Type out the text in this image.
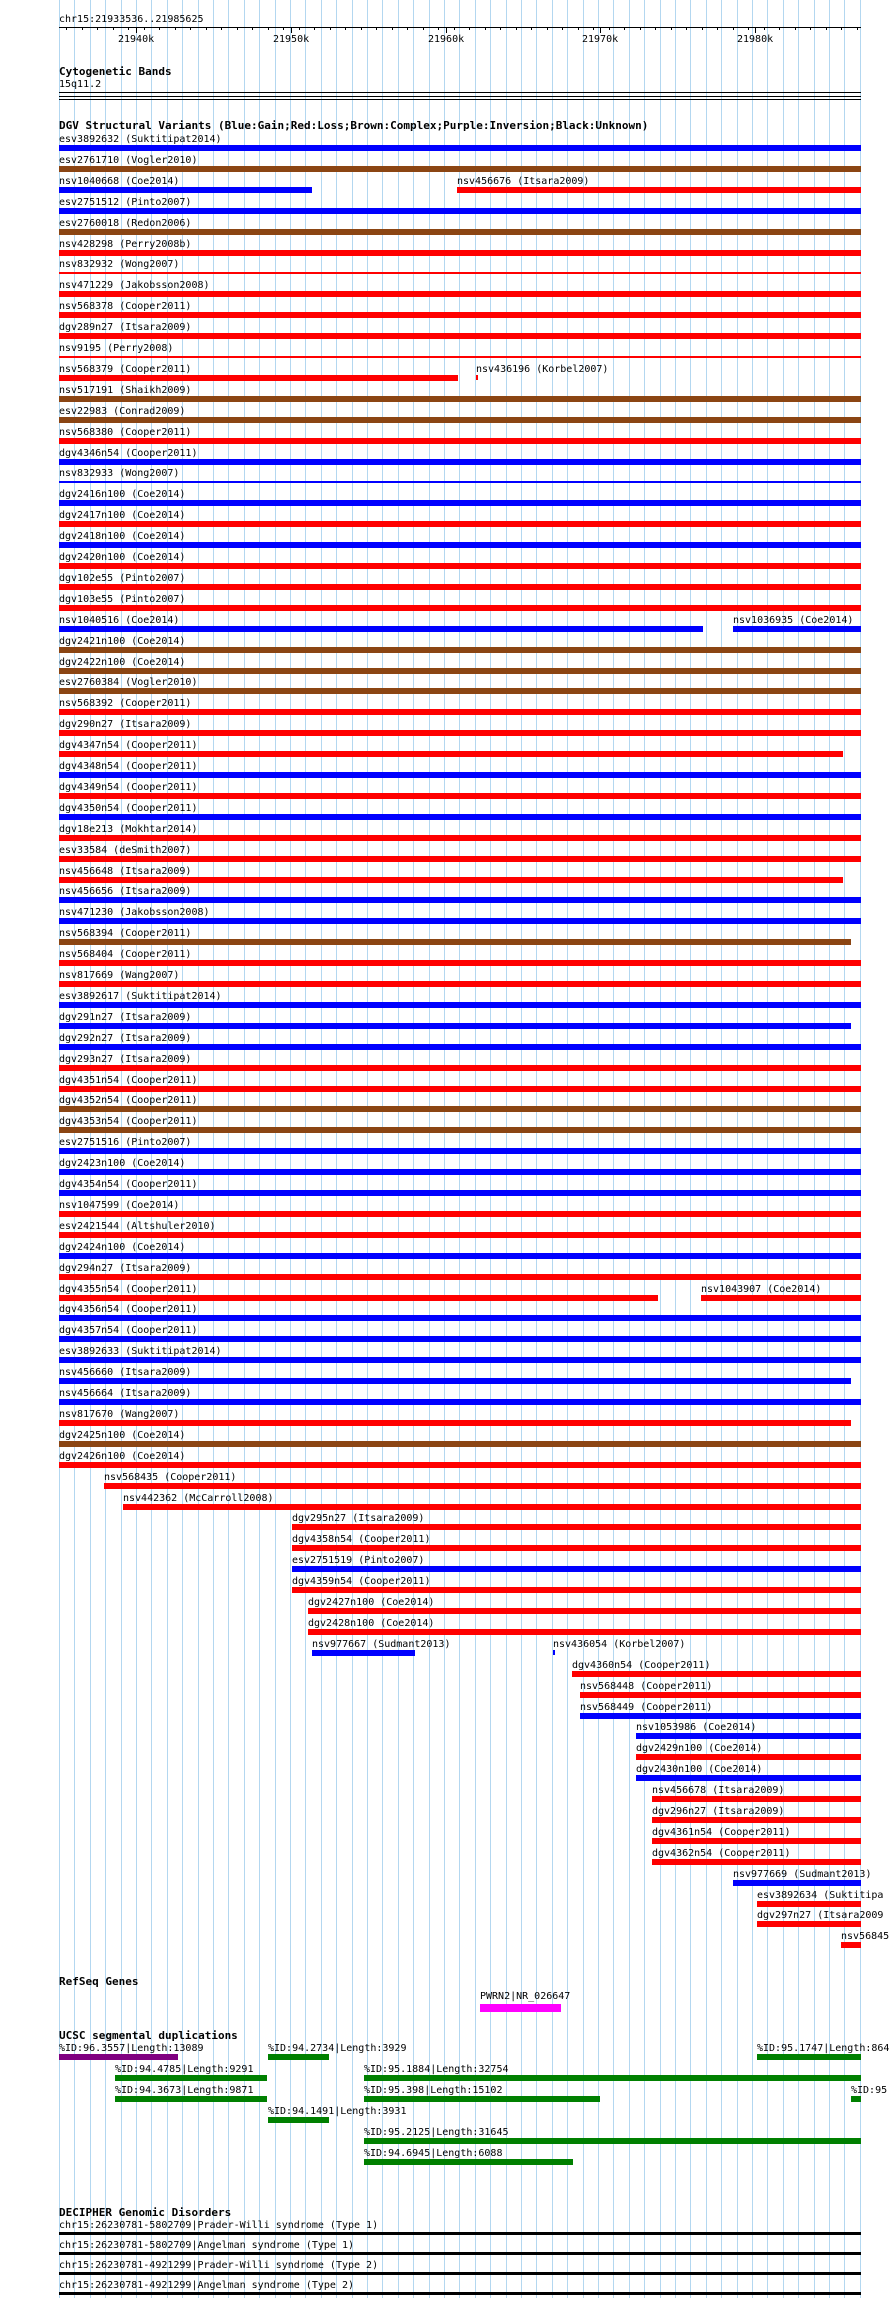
chr15:21933536..21985625
21940k	21950k	21960k	21970k	21980k
Cytogenetic Bands
15q11.2
DGV Structural Variants (Blue:Gain;Red:Loss;Brown:Complex;Purple:Inversion;Black:Unknown)
esv3892632 (Suktitipat2014)
esv2761710 (Vogler2010)
nsv1040668 (Coe2014)	nsv456676 (Itsara2009)
esv2751512 (Pinto2007)
esv2760018 (Redon2006)
nsv428298 (Perry2008b)
nsv832932 (Wong2007)
nsv471229 (Jakobsson2008)
nsv568378 (Cooper2011)
dgv289n27 (Itsara2009)
nsv9195 (Perry2008)
nsv568379 (Cooper2011)	nsv436196 (Korbel2007)
nsv517191 (Shaikh2009)
esv22983 (Conrad2009)
nsv568380 (Cooper2011)
dgv4346n54 (Cooper2011)
nsv832933 (Wong2007)
dgv2416n100 (Coe2014)
dgv2417n100 (Coe2014)
dgv2418n100 (Coe2014)
dgv2420n100 (Coe2014)
dgv102e55 (Pinto2007)
dgv103e55 (Pinto2007)
nsv1040516 (Coe2014)	nsv1036935 (Coe2014)
dgv2421n100 (Coe2014)
dgv2422n100 (Coe2014)
esv2760384 (Vogler2010)
nsv568392 (Cooper2011)
dgv290n27 (Itsara2009)
dgv4347n54 (Cooper2011)
dgv4348n54 (Cooper2011)
dgv4349n54 (Cooper2011)
dgv4350n54 (Cooper2011)
dgv18e213 (Mokhtar2014)
esv33584 (deSmith2007)
nsv456648 (Itsara2009)
nsv456656 (Itsara2009)
nsv471230 (Jakobsson2008)
nsv568394 (Cooper2011)
nsv568404 (Cooper2011)
nsv817669 (Wang2007)
esv3892617 (Suktitipat2014)
dgv291n27 (Itsara2009)
dgv292n27 (Itsara2009)
dgv293n27 (Itsara2009)
dgv4351n54 (Cooper2011)
dgv4352n54 (Cooper2011)
dgv4353n54 (Cooper2011)
esv2751516 (Pinto2007)
dgv2423n100 (Coe2014)
dgv4354n54 (Cooper2011)
nsv1047599 (Coe2014)
esv2421544 (Altshuler2010)
dgv2424n100 (Coe2014)
dgv294n27 (Itsara2009)
dgv4355n54 (Cooper2011)	nsv1043907 (Coe2014)
dgv4356n54 (Cooper2011)
dgv4357n54 (Cooper2011)
esv3892633 (Suktitipat2014)
nsv456660 (Itsara2009)
nsv456664 (Itsara2009)
nsv817670 (Wang2007)
dgv2425n100 (Coe2014)
dgv2426n100 (Coe2014)
nsv568435 (Cooper2011)
nsv442362 (McCarroll2008)
dgv295n27 (Itsara2009)
dgv4358n54 (Cooper2011)
esv2751519 (Pinto2007)
dgv4359n54 (Cooper2011)
dgv2427n100 (Coe2014)
dgv2428n100 (Coe2014)
nsv977667 (Sudmant2013)	nsv436054 (Korbel2007)
dgv4360n54 (Cooper2011)
nsv568448 (Cooper2011)
nsv568449 (Cooper2011)
nsv1053986 (Coe2014)
dgv2429n100 (Coe2014)
dgv2430n100 (Coe2014)
nsv456678 (Itsara2009)
dgv296n27 (Itsara2009)
dgv4361n54 (Cooper2011)
dgv4362n54 (Cooper2011)
nsv977669 (Sudmant2013)
esv3892634 (Suktitipa
dgv297n27 (Itsara2009
nsv56845
RefSeq Genes
PWRN2|NR_026647
UCSC segmental duplications
%ID:96.3557|Length:13089	%ID:94.2734|Length:3929	%ID:95.1747|Length:864
%ID:94.4785|Length:9291	%ID:95.1884|Length:32754
%ID:94.3673|Length:9871	%ID:95.398|Length:15102	%ID:95
%ID:94.1491|Length:3931
%ID:95.2125|Length:31645
%ID:94.6945|Length:6088
DECIPHER Genomic Disorders
chr15:26230781-5802709|Prader-Willi syndrome (Type 1)
chr15:26230781-5802709|Angelman syndrome (Type 1)
chr15:26230781-4921299|Prader-Willi syndrome (Type 2)
chr15:26230781-4921299|Angelman syndrome (Type 2)
